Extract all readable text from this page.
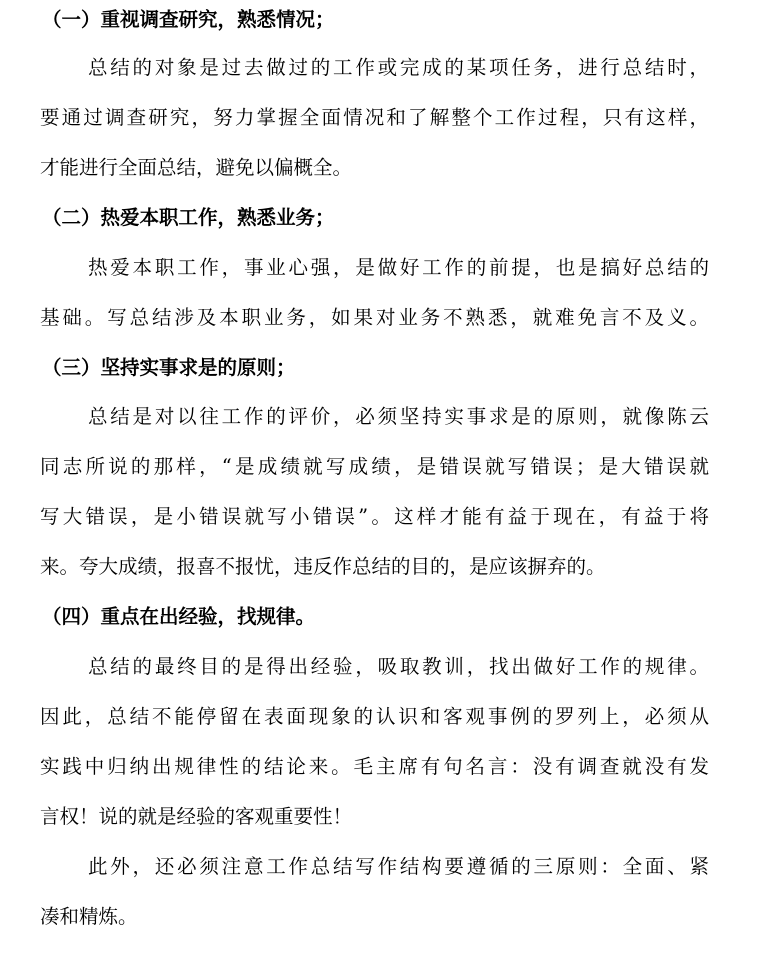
（一）重视调查研究，熟悉情况；
总结的对象是过去做过的工作或完成的某项任务，进行总结时，
要通过调查研究，努力掌握全面情况和了解整个工作过程，只有这样，
才能进行全面总结，避免以偏概全。
（二）热爱本职工作，熟悉业务；
热爱本职工作，事业心强，是做好工作的前提，也是搞好总结的
基础。写总结涉及本职业务，如果对业务不熟悉，就难免言不及义。
（三）坚持实事求是的原则；
总结是对以往工作的评价，必须坚持实事求是的原则，就像陈云
同志所说的那样，“是成绩就写成绩，是错误就写错误；是大错误就
写大错误，是小错误就写小错误”。这样才能有益于现在，有益于将
来。夸大成绩，报喜不报忧，违反作总结的目的，是应该摒弃的。
（四）重点在出经验，找规律。
总结的最终目的是得出经验，吸取教训，找出做好工作的规律。
因此，总结不能停留在表面现象的认识和客观事例的罗列上，必须从
实践中归纳出规律性的结论来。毛主席有句名言：没有调查就没有发
言权！说的就是经验的客观重要性！
此外，还必须注意工作总结写作结构要遵循的三原则：全面、紧
凑和精炼。
